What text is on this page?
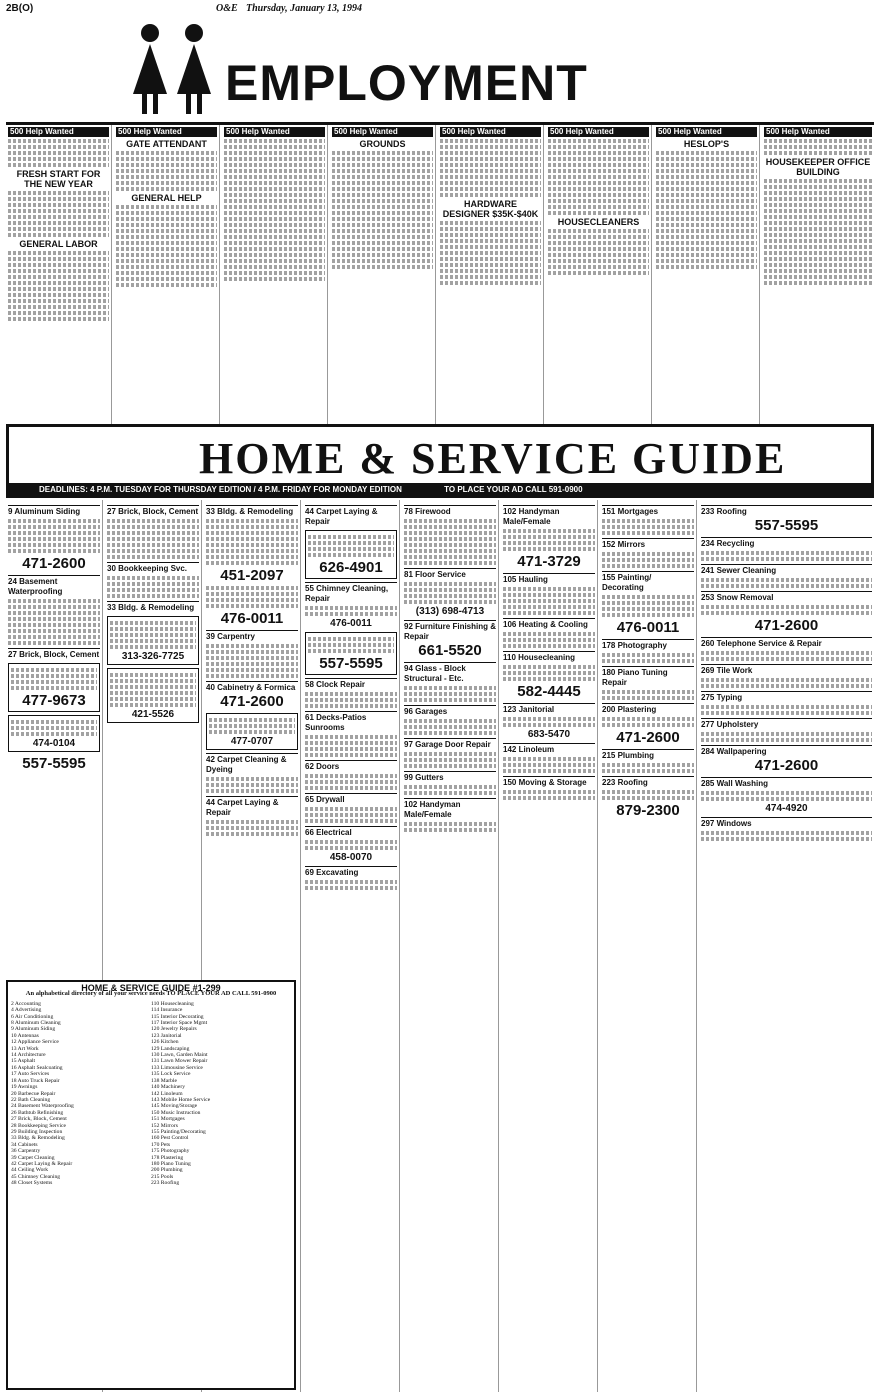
2B(O)	O&E Thursday, January 13, 1994
EMPLOYMENT
500 Help Wanted
FRESH START FOR THE NEW YEAR
GENERAL LABOR
500 Help Wanted
GATE ATTENDANT
GENERAL HELP
500 Help Wanted	500 Help Wanted
GROUNDS
500 Help Wanted
HARDWARE DESIGNER $35K-$40K
500 Help Wanted
HOUSECLEANERS
500 Help Wanted
HESLOP'S
500 Help Wanted
HOUSEKEEPER OFFICE BUILDING
HOME & SERVICE GUIDE
DEADLINES: 4 P.M. TUESDAY FOR THURSDAY EDITION / 4 P.M. FRIDAY FOR MONDAY EDITION	TO PLACE YOUR AD CALL 591-0900
9 Aluminum Siding
471-2600
24 Basement Waterproofing
27 Brick, Block, Cement
477-9673
474-0104
557-5595
27 Brick, Block, Cement
30 Bookkeeping Svc.
33 Bldg. & Remodeling
313-326-7725
421-5526
33 Bldg. & Remodeling
451-2097
476-0011
39 Carpentry
40 Cabinetry & Formica
471-2600
477-0707
42 Carpet Cleaning & Dyeing
44 Carpet Laying & Repair
44 Carpet Laying & Repair
626-4901
55 Chimney Cleaning, Repair
476-0011
557-5595
58 Clock Repair
61 Decks-Patios Sunrooms
62 Doors
65 Drywall
66 Electrical
458-0070
69 Excavating
78 Firewood
81 Floor Service
(313) 698-4713
92 Furniture Finishing & Repair
661-5520
94 Glass - Block Structural - Etc.
96 Garages
97 Garage Door Repair
99 Gutters
102 Handyman Male/Female
102 Handyman Male/Female
471-3729
105 Hauling
106 Heating & Cooling
110 Housecleaning
582-4445
123 Janitorial
683-5470
142 Linoleum
150 Moving & Storage
151 Mortgages
152 Mirrors
155 Painting/ Decorating
476-0011
178 Photography
180 Piano Tuning Repair
200 Plastering
471-2600
215 Plumbing
223 Roofing
879-2300
233 Roofing
557-5595
234 Recycling
241 Sewer Cleaning
253 Snow Removal
471-2600
260 Telephone Service & Repair
269 Tile Work
275 Typing
277 Upholstery
284 Wallpapering
471-2600
285 Wall Washing
474-4920
297 Windows
HOME & SERVICE GUIDE #1-299
An alphabetical directory of all your service needs TO PLACE YOUR AD CALL 591-0900
2 Accounting
4 Advertising
6 Air Conditioning
8 Aluminum Cleaning
9 Aluminum Siding
10 Antennas
12 Appliance Service
13 Art Work
14 Architecture
15 Asphalt
16 Asphalt Sealcoating
17 Auto Services
18 Auto Truck Repair
19 Awnings
20 Barbecue Repair
22 Bath Cleaning
24 Basement Waterproofing
26 Bathtub Refinishing
27 Brick, Block, Cement
28 Bookkeeping Service
29 Building Inspection
33 Bldg. & Remodeling
34 Cabinets
36 Carpentry
39 Carpet Cleaning
42 Carpet Laying & Repair
44 Ceiling Work
45 Chimney Cleaning
48 Closet Systems
110 Housecleaning
114 Insurance
115 Interior Decorating
117 Interior Space Mgmt
120 Jewelry Repairs
123 Janitorial
126 Kitchen
129 Landscaping
130 Lawn, Garden Maint
131 Lawn Mower Repair
133 Limousine Service
135 Lock Service
138 Marble
140 Machinery
142 Linoleum
143 Mobile Home Service
145 Moving/Storage
150 Music Instruction
151 Mortgages
152 Mirrors
155 Painting/Decorating
160 Pest Control
170 Pets
175 Photography
178 Plastering
180 Piano Tuning
200 Plumbing
215 Pools
223 Roofing
